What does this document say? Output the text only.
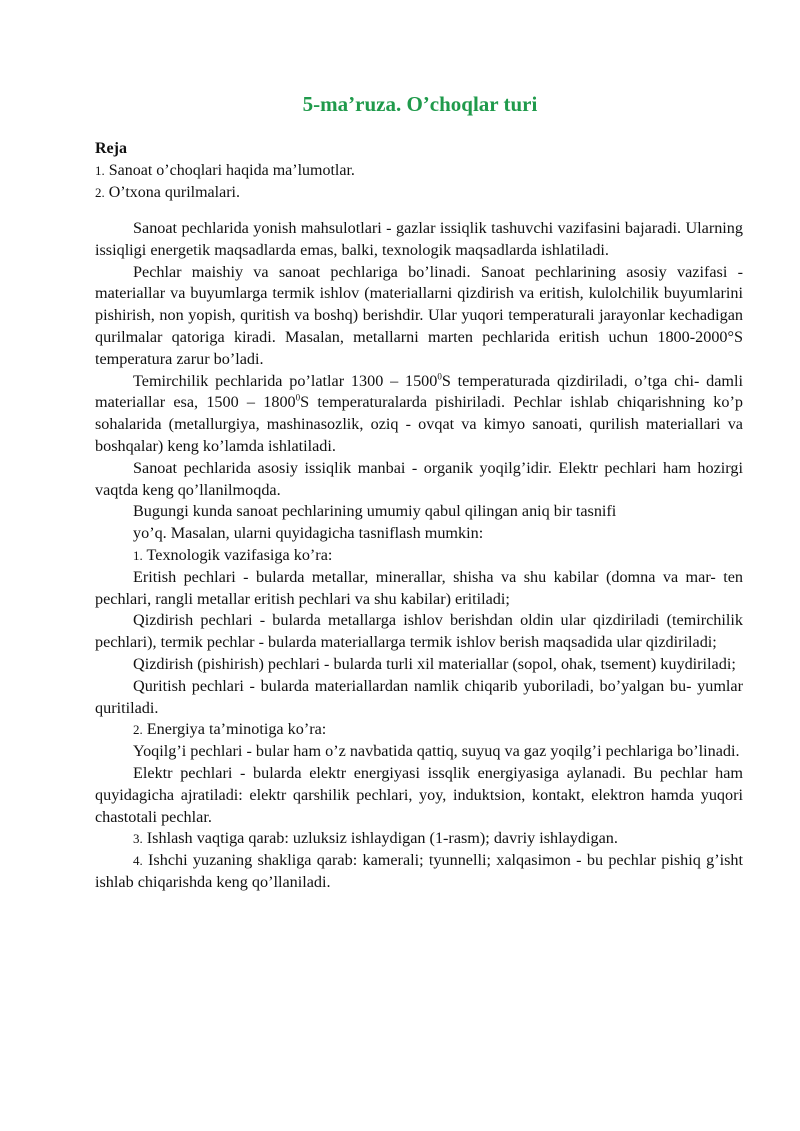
5-ma’ruza. O’choqlar turi
Reja
1. Sanoat o’choqlari haqida ma’lumotlar.
2. O’txona qurilmalari.

Sanoat pechlarida yonish mahsulotlari - gazlar issiqlik tashuvchi vazifasini bajaradi. Ularning issiqligi energetik maqsadlarda emas, balki, texnologik maqsadlarda ishlatiladi.

Pechlar maishiy va sanoat pechlariga bo’linadi. Sanoat pechlarining asosiy vazifasi - materiallar va buyumlarga termik ishlov (materiallarni qizdirish va eritish, kulolchilik buyumlarini pishirish, non yopish, quritish va boshq) berishdir. Ular yuqori temperaturali jarayonlar kechadigan qurilmalar qatoriga kiradi. Masalan, metallarni marten pechlarida eritish uchun 1800-2000°S temperatura zarur bo’ladi.

Temirchilik pechlarida po’latlar 1300 – 1500$^0$S temperaturada qizdiriladi, o’tga chi- damli materiallar esa, 1500 – 1800$^0$S temperaturalarda pishiriladi. Pechlar ishlab chiqarishning ko’p sohalarida (metallurgiya, mashinasozlik, oziq - ovqat va kimyo sanoati, qurilish materiallari va boshqalar) keng ko’lamda ishlatiladi.

Sanoat pechlarida asosiy issiqlik manbai - organik yoqilg’idir. Elektr pechlari ham hozirgi vaqtda keng qo’llanilmoqda.

Bugungi kunda sanoat pechlarining umumiy qabul qilingan aniq bir tasnifi

yo’q. Masalan, ularni quyidagicha tasniflash mumkin:

1. Texnologik vazifasiga ko’ra:

Eritish pechlari - bularda metallar, minerallar, shisha va shu kabilar (domna va mar- ten pechlari, rangli metallar eritish pechlari va shu kabilar) eritiladi;

Qizdirish pechlari - bularda metallarga ishlov berishdan oldin ular qizdiriladi (temirchilik pechlari), termik pechlar - bularda materiallarga termik ishlov berish maqsadida ular qizdiriladi;

Qizdirish (pishirish) pechlari - bularda turli xil materiallar (sopol, ohak, tsement) kuydiriladi;

Quritish pechlari - bularda materiallardan namlik chiqarib yuboriladi, bo’yalgan bu- yumlar quritiladi.

2. Energiya ta’minotiga ko’ra:

Yoqilg’i pechlari - bular ham o’z navbatida qattiq, suyuq va gaz yoqilg’i pechlariga bo’linadi.

Elektr pechlari - bularda elektr energiyasi issqlik energiyasiga aylanadi. Bu pechlar ham quyidagicha ajratiladi: elektr qarshilik pechlari, yoy, induktsion, kontakt, elektron hamda yuqori chastotali pechlar.

3. Ishlash vaqtiga qarab: uzluksiz ishlaydigan (1-rasm); davriy ishlaydigan.

4. Ishchi yuzaning shakliga qarab: kamerali; tyunnelli; xalqasimon - bu pechlar pishiq g’isht ishlab chiqarishda keng qo’llaniladi.
